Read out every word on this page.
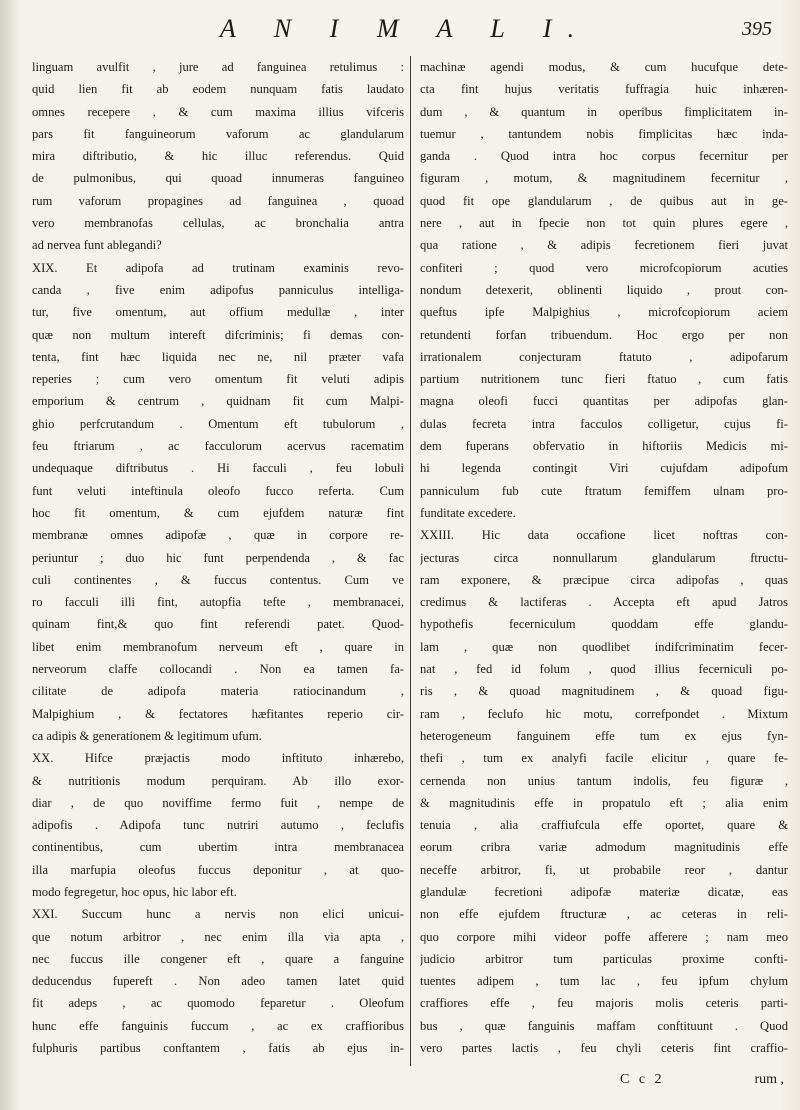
A N I M A L I.	395
linguam avulfit , jure ad fanguinea retulimus :
quid lien fit ab eodem nunquam fatis laudato
omnes recepere , & cum maxima illius vifceris
pars fit fanguineorum vaforum ac glandularum
mira diftributio, & hic illuc referendus. Quid
de pulmonibus, qui quoad innumeras fanguineo
rum vaforum propagines ad fanguinea , quoad
vero membranofas cellulas, ac bronchalia antra
ad nervea funt ablegandi?
XIX. Et adipofa ad trutinam examinis revo-
canda , five enim adipofus panniculus intelliga-
tur, five omentum, aut offium medullæ , inter
quæ non multum intereft difcriminis; fi demas con-
tenta, fint hæc liquida nec ne, nil præter vafa
reperies ; cum vero omentum fit veluti adipis
emporium & centrum , quidnam fit cum Malpi-
ghio perfcrutandum . Omentum eft tubulorum ,
feu ftriarum , ac facculorum acervus racematim
undequaque diftributus . Hi facculi , feu lobuli
funt veluti inteftinula oleofo fucco referta. Cum
hoc fit omentum, & cum ejufdem naturæ fint
membranæ omnes adipofæ , quæ in corpore re-
periuntur ; duo hic funt perpendenda , & fac
culi continentes , & fuccus contentus. Cum ve
ro facculi illi fint, autopfia tefte , membranacei,
quinam fint,& quo fint referendi patet. Quod-
libet enim membranofum nerveum eft , quare in
nerveorum claffe collocandi . Non ea tamen fa-
cilitate de adipofa materia ratiocinandum ,
Malpighium , & fectatores hæfitantes reperio cir-
ca adipis & generationem & legitimum ufum.
XX. Hifce præjactis modo inftituto inhærebo,
& nutritionis modum perquiram. Ab illo exor-
diar , de quo noviffime fermo fuit , nempe de
adipofis . Adipofa tunc nutriri autumo , feclufis
continentibus, cum ubertim intra membranacea
illa marfupia oleofus fuccus deponitur , at quo-
modo fegregetur, hoc opus, hic labor eft.
XXI. Succum hunc a nervis non elici unicui-
que notum arbitror , nec enim illa via apta ,
nec fuccus ille congener eft , quare a fanguine
deducendus fupereft . Non adeo tamen latet quid
fit adeps , ac quomodo feparetur . Oleofum
hunc effe fanguinis fuccum , ac ex craffioribus
fulphuris partibus conftantem , fatis ab ejus in-
machinæ agendi modus, & cum hucufque dete-
cta fint hujus veritatis fuffragia huic inhæren-
dum , & quantum in operibus fimplicitatem in-
tuemur , tantundem nobis fimplicitas hæc inda-
ganda . Quod intra hoc corpus fecernitur per
figuram , motum, & magnitudinem fecernitur ,
quod fit ope glandularum , de quibus aut in ge-
nere , aut in fpecie non tot quin plures egere ,
qua ratione , & adipis fecretionem fieri juvat
confiteri ; quod vero microfcopiorum acuties
nondum detexerit, oblinenti liquido , prout con-
queftus ipfe Malpighius , microfcopiorum aciem
retundenti forfan tribuendum. Hoc ergo per non
irrationalem conjecturam ftatuto , adipofarum
partium nutritionem tunc fieri ftatuo , cum fatis
magna oleofi fucci quantitas per adipofas glan-
dulas fecreta intra facculos colligetur, cujus fi-
dem fuperans obfervatio in hiftoriis Medicis mi-
hi legenda contingit Viri cujufdam adipofum
panniculum fub cute ftratum femiffem ulnam pro-
funditate excedere.
XXIII. Hic data occafione licet noftras con-
jecturas circa nonnullarum glandularum ftructu-
ram exponere, & præcipue circa adipofas , quas
credimus & lactiferas . Accepta eft apud Jatros
hypothefis fecerniculum quoddam effe glandu-
lam , quæ non quodlibet indifcriminatim fecer-
nat , fed id folum , quod illius fecerniculi po-
ris , & quoad magnitudinem , & quoad figu-
ram , feclufo hic motu, correfpondet . Mixtum
heterogeneum fanguinem effe tum ex ejus fyn-
thefi , tum ex analyfi facile elicitur , quare fe-
cernenda non unius tantum indolis, feu figuræ ,
& magnitudinis effe in propatulo eft ; alia enim
tenuia , alia craffiufcula effe oportet, quare &
eorum cribra variæ admodum magnitudinis effe
neceffe arbitror, fi, ut probabile reor , dantur
glandulæ fecretioni adipofæ materiæ dicatæ, eas
non effe ejufdem ftructuræ , ac ceteras in reli-
quo corpore mihi videor poffe afferere ; nam meo
judicio arbitror tum particulas proxime confti-
tuentes adipem , tum lac , feu ipfum chylum
craffiores effe , feu majoris molis ceteris parti-
bus , quæ fanguinis maffam conftituunt . Quod
vero partes lactis , feu chyli ceteris fint craffio-
C c 2	rum ,
